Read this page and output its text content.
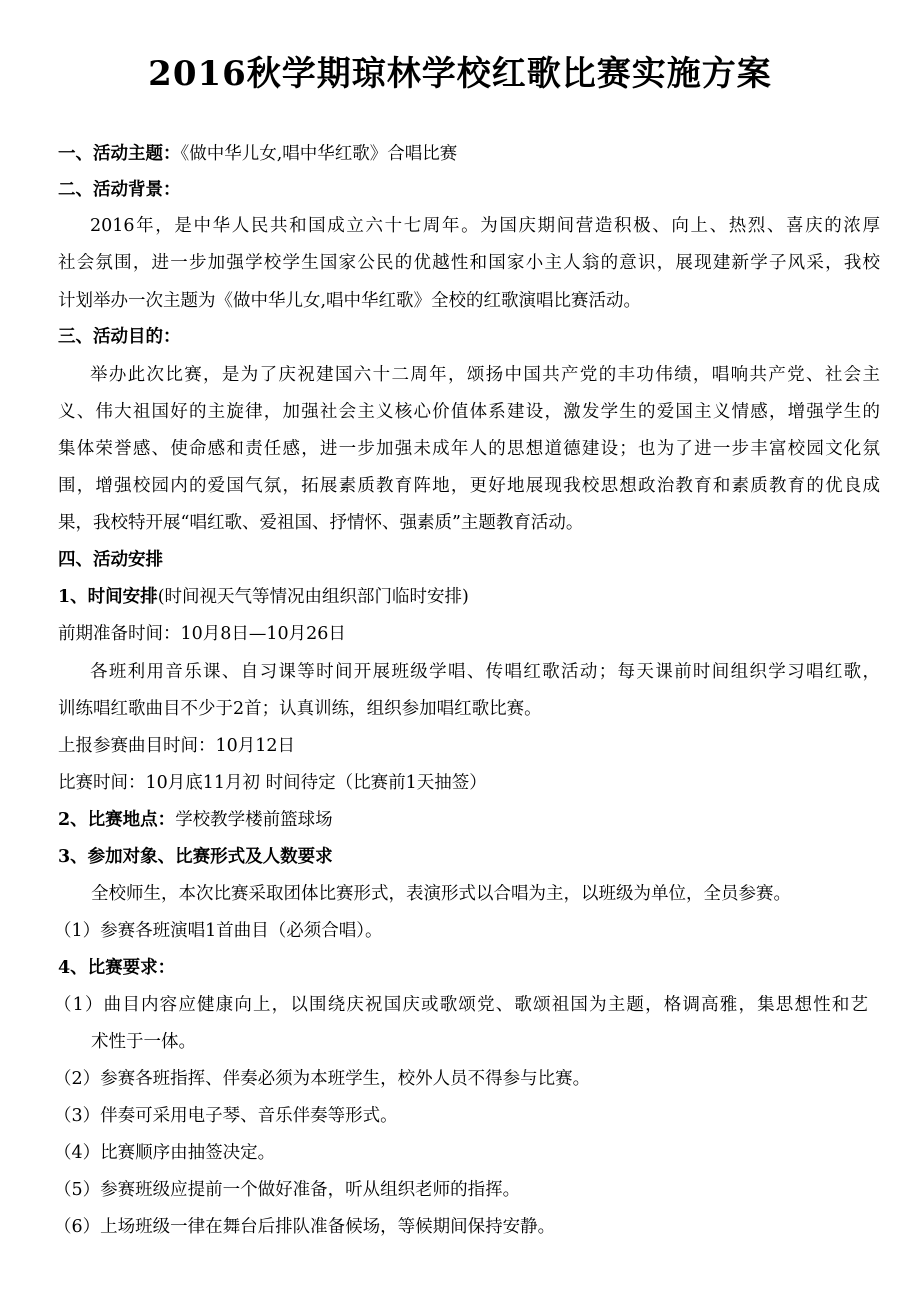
2016秋学期琼林学校红歌比赛实施方案
一、活动主题：《做中华儿女,唱中华红歌》合唱比赛
二、活动背景：
2016年，是中华人民共和国成立六十七周年。为国庆期间营造积极、向上、热烈、喜庆的浓厚
社会氛围，进一步加强学校学生国家公民的优越性和国家小主人翁的意识，展现建新学子风采，我校
计划举办一次主题为《做中华儿女,唱中华红歌》全校的红歌演唱比赛活动。
三、活动目的：
举办此次比赛，是为了庆祝建国六十二周年，颂扬中国共产党的丰功伟绩，唱响共产党、社会主
义、伟大祖国好的主旋律，加强社会主义核心价值体系建设，激发学生的爱国主义情感，增强学生的
集体荣誉感、使命感和责任感，进一步加强未成年人的思想道德建设；也为了进一步丰富校园文化氛
围，增强校园内的爱国气氛，拓展素质教育阵地，更好地展现我校思想政治教育和素质教育的优良成
果，我校特开展“唱红歌、爱祖国、抒情怀、强素质”主题教育活动。
四、活动安排
1、时间安排(时间视天气等情况由组织部门临时安排)
前期准备时间：10月8日—10月26日
各班利用音乐课、自习课等时间开展班级学唱、传唱红歌活动；每天课前时间组织学习唱红歌，
训练唱红歌曲目不少于2首；认真训练，组织参加唱红歌比赛。
上报参赛曲目时间：10月12日
比赛时间：10月底11月初 时间待定（比赛前1天抽签）
2、比赛地点：学校教学楼前篮球场
3、参加对象、比赛形式及人数要求
全校师生，本次比赛采取团体比赛形式，表演形式以合唱为主，以班级为单位，全员参赛。
（1）参赛各班演唱1首曲目（必须合唱）。
4、比赛要求：
（1）曲目内容应健康向上，以围绕庆祝国庆或歌颂党、歌颂祖国为主题，格调高雅，集思想性和艺
术性于一体。
（2）参赛各班指挥、伴奏必须为本班学生，校外人员不得参与比赛。
（3）伴奏可采用电子琴、音乐伴奏等形式。
（4）比赛顺序由抽签决定。
（5）参赛班级应提前一个做好准备，听从组织老师的指挥。
（6）上场班级一律在舞台后排队准备候场，等候期间保持安静。
